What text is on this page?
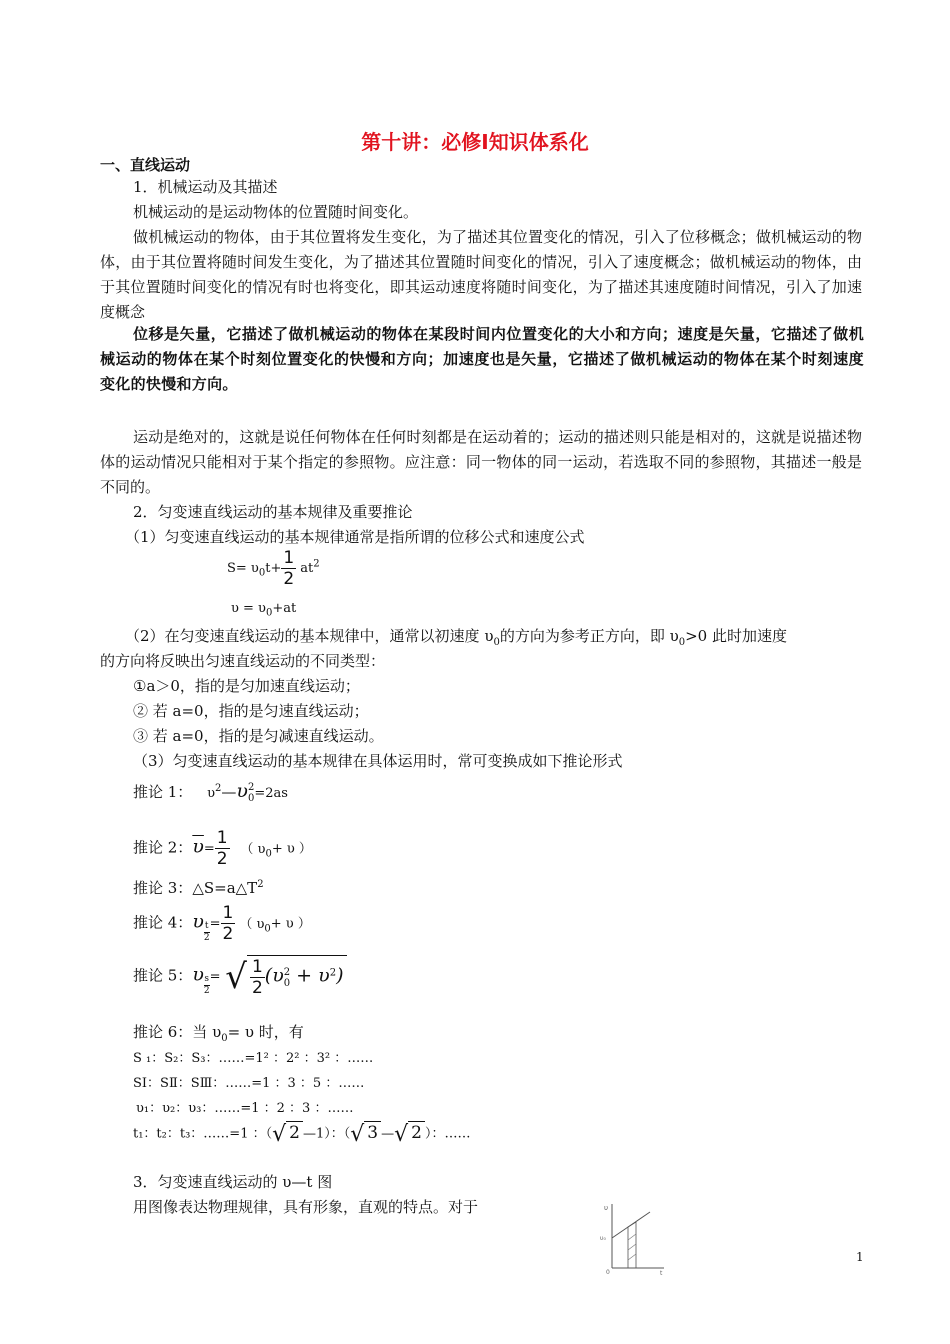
第十讲：必修Ⅰ知识体系化
一、直线运动
1．机械运动及其描述
机械运动的是运动物体的位置随时间变化。
做机械运动的物体，由于其位置将发生变化，为了描述其位置变化的情况，引入了位移概念；做机械运动的物体，由于其位置将随时间发生变化，为了描述其位置随时间变化的情况，引入了速度概念；做机械运动的物体，由于其位置随时间变化的情况有时也将变化，即其运动速度将随时间变化，为了描述其速度随时间情况，引入了加速度概念
位移是矢量，它描述了做机械运动的物体在某段时间内位置变化的大小和方向；速度是矢量，它描述了做机械运动的物体在某个时刻位置变化的快慢和方向；加速度也是矢量，它描述了做机械运动的物体在某个时刻速度变化的快慢和方向。
运动是绝对的，这就是说任何物体在任何时刻都是在运动着的；运动的描述则只能是相对的，这就是说描述物体的运动情况只能相对于某个指定的参照物。应注意：同一物体的同一运动，若选取不同的参照物，其描述一般是不同的。
2．匀变速直线运动的基本规律及重要推论
（1）匀变速直线运动的基本规律通常是指所谓的位移公式和速度公式
$S= \upsilon_0t+ \frac{1}{2} at^2$
$\upsilon = \upsilon_0+at$
（2）在匀变速直线运动的基本规律中，通常以初速度 $\upsilon_0$的方向为参考正方向，即 $\upsilon_0>0$ 此时加速度
的方向将反映出匀速直线运动的不同类型：
①a＞0，指的是匀加速直线运动；
② 若 a=0，指的是匀速直线运动；
③ 若 a=0，指的是匀减速直线运动。
（3）匀变速直线运动的基本规律在具体运用时，常可变换成如下推论形式
推论 1： $\upsilon^2—\upsilon$ 2
0 =2as
推论 2：$\overline{\upsilon}= \frac{1}{2}$ （ $\upsilon_0+ \upsilon$ ）
推论 3：$\triangle S=a\triangle T^2$
推论 4：υ $\frac{t}{2} = \frac{1}{2}$ （ $\upsilon_0+ \upsilon$ ）
推论 5：υ $\frac{s}{2}$ = √ $\frac{1}{2} (\upsilon$ 2
$0 + \upsilon^2$)
推论 6：当 $\upsilon_0= \upsilon$ 时，有
S ₁：S₂：S₃：……=1² ：2² ：3² ：……
SⅠ：SⅡ：SⅢ：……=1 ：3 ：5 ：……
υ₁：υ₂：υ₃：……=1 ：2 ：3 ：……
t₁：t₂：t₃：……=1 ：（√ 2 —1）：（√ 3 —√ 2 ）：……
3．匀变速直线运动的 υ—t 图
用图像表达物理规律，具有形象，直观的特点。对于	υ
υ₀
t
0
1
